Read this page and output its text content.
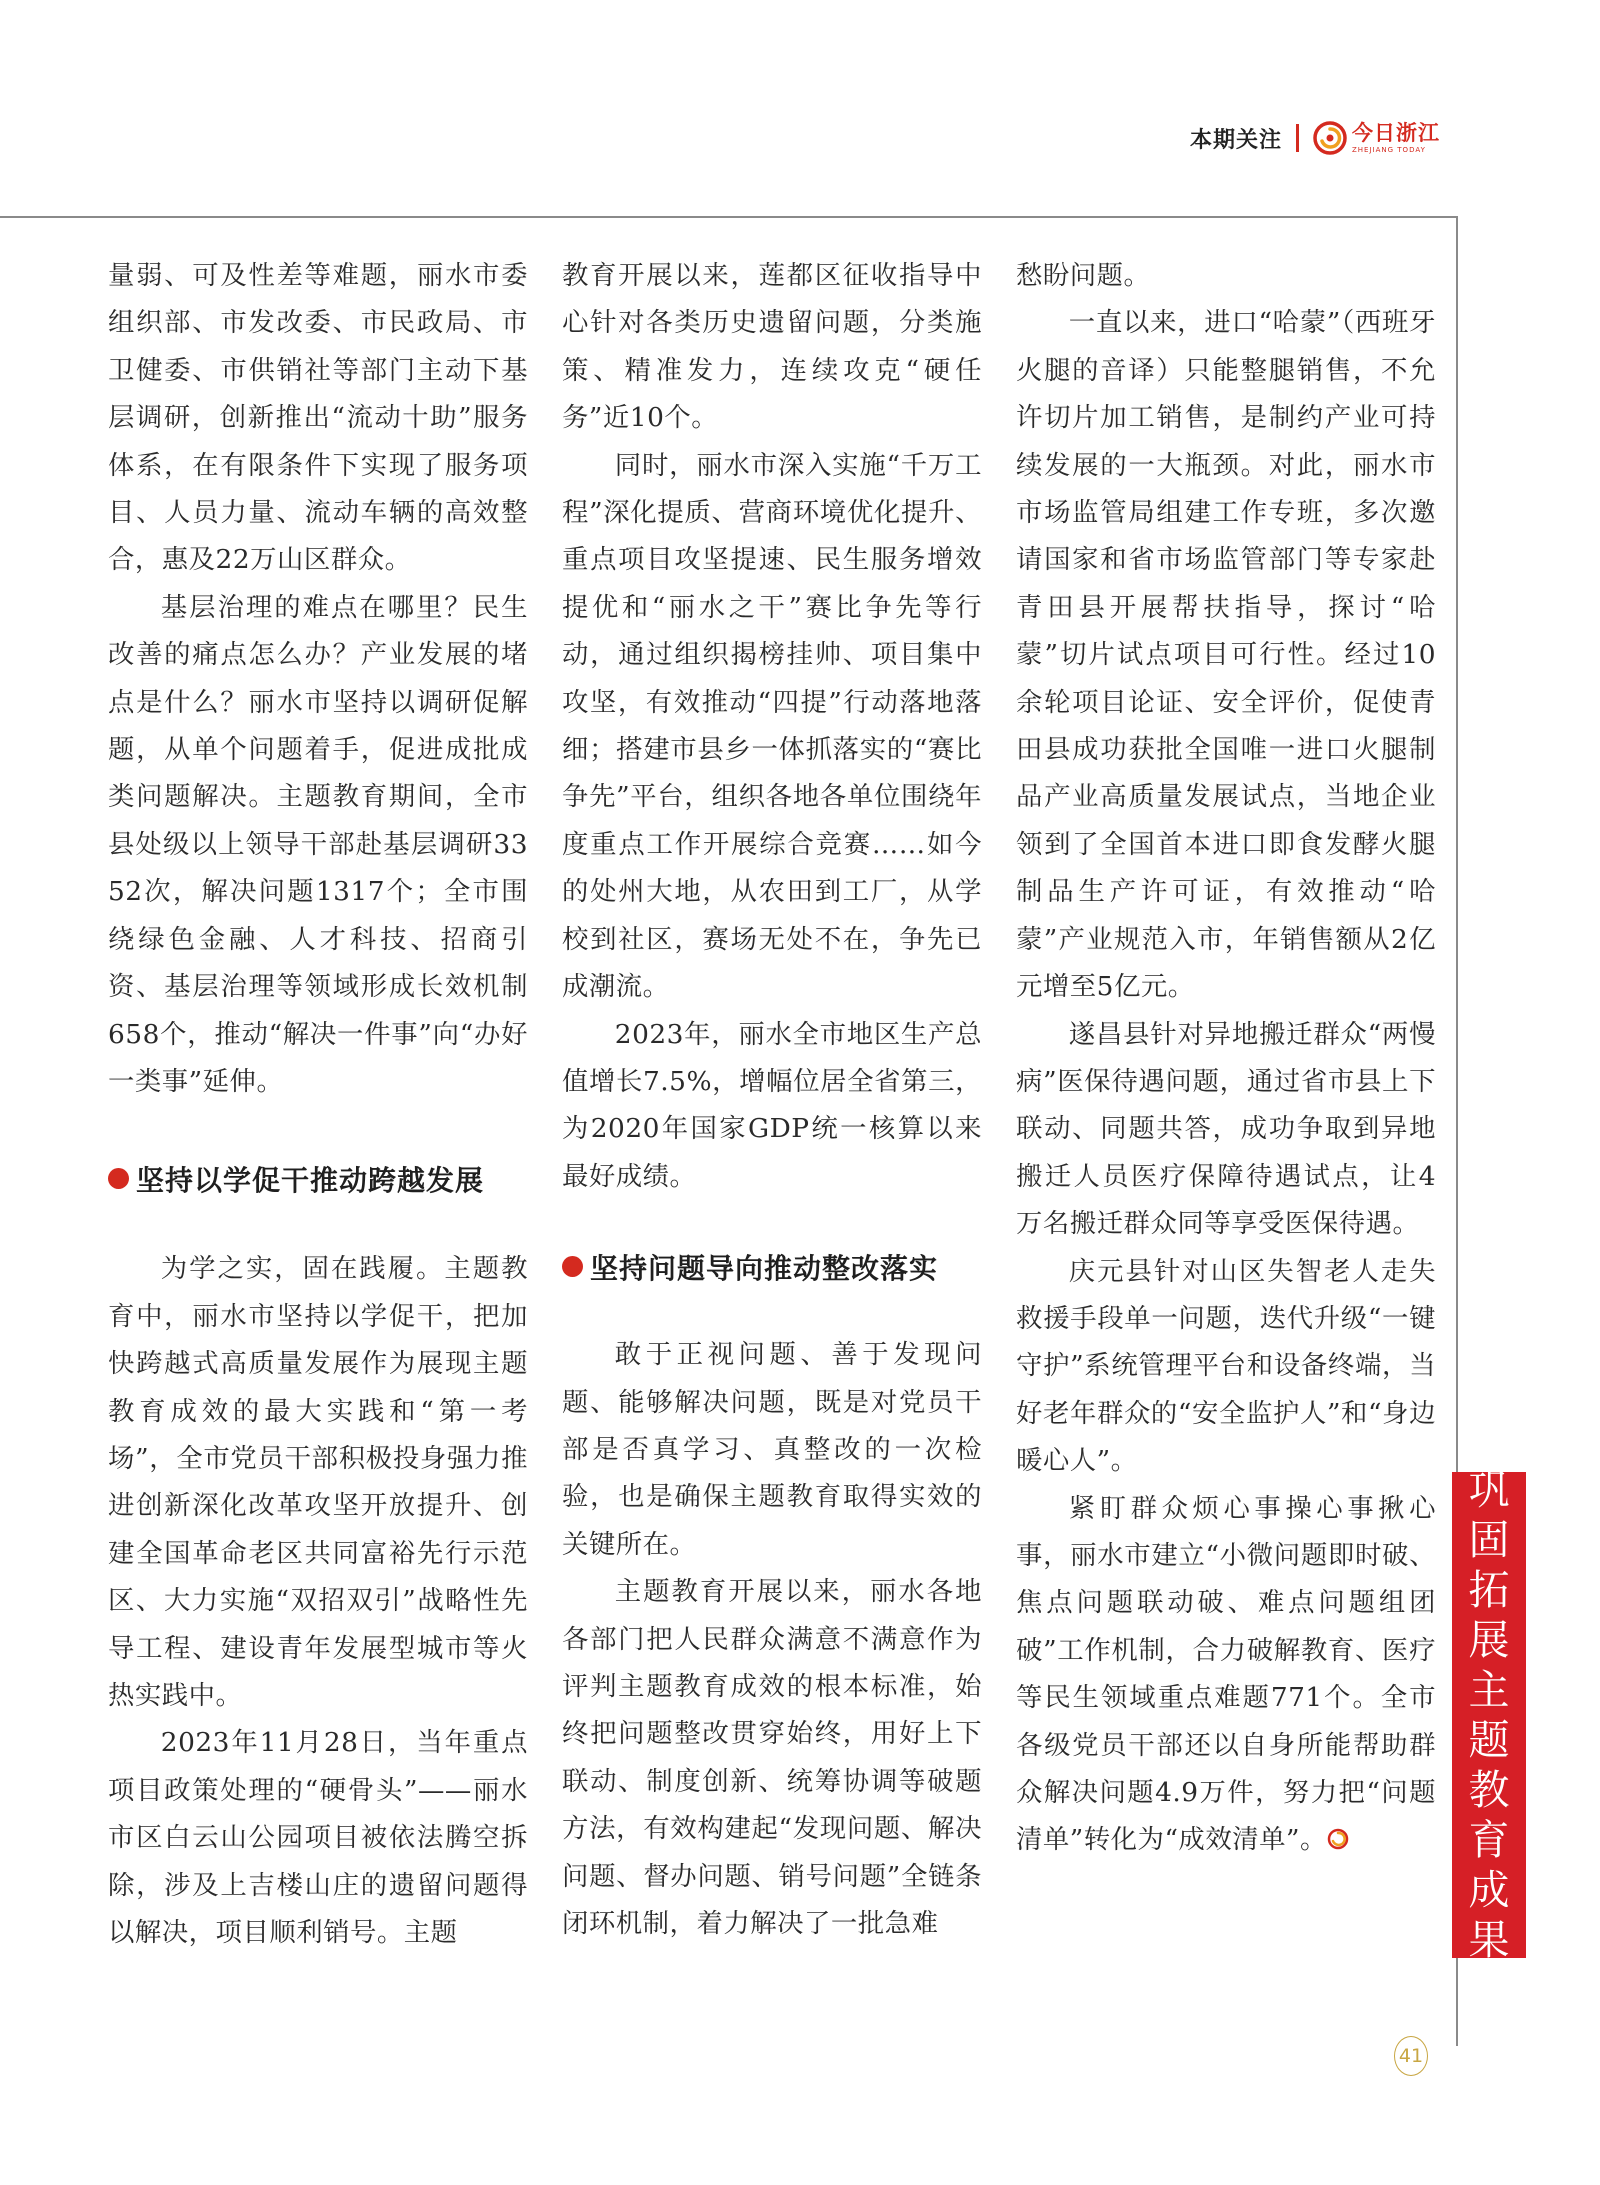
本期关注	今日浙江
ZHEJIANG TODAY

量弱、可及性差等难题，丽水市委组织部、市发改委、市民政局、市卫健委、市供销社等部门主动下基层调研，创新推出“流动十助”服务体系，在有限条件下实现了服务项目、人员力量、流动车辆的高效整合，惠及22万山区群众。

基层治理的难点在哪里？民生改善的痛点怎么办？产业发展的堵点是什么？丽水市坚持以调研促解题，从单个问题着手，促进成批成类问题解决。主题教育期间，全市县处级以上领导干部赴基层调研3352次，解决问题1317个；全市围绕绿色金融、人才科技、招商引资、基层治理等领域形成长效机制658个，推动“解决一件事”向“办好一类事”延伸。

坚持以学促干推动跨越发展

为学之实，固在践履。主题教育中，丽水市坚持以学促干，把加快跨越式高质量发展作为展现主题教育成效的最大实践和“第一考场”，全市党员干部积极投身强力推进创新深化改革攻坚开放提升、创建全国革命老区共同富裕先行示范区、大力实施“双招双引”战略性先导工程、建设青年发展型城市等火热实践中。

2023年11月28日，当年重点项目政策处理的“硬骨头”——丽水市区白云山公园项目被依法腾空拆除，涉及上吉楼山庄的遗留问题得以解决，项目顺利销号。主题

教育开展以来，莲都区征收指导中心针对各类历史遗留问题，分类施策、精准发力，连续攻克“硬任务”近10个。

同时，丽水市深入实施“千万工程”深化提质、营商环境优化提升、重点项目攻坚提速、民生服务增效提优和“丽水之干”赛比争先等行动，通过组织揭榜挂帅、项目集中攻坚，有效推动“四提”行动落地落细；搭建市县乡一体抓落实的“赛比争先”平台，组织各地各单位围绕年度重点工作开展综合竞赛……如今的处州大地，从农田到工厂，从学校到社区，赛场无处不在，争先已成潮流。

2023年，丽水全市地区生产总值增长7.5%，增幅位居全省第三，为2020年国家GDP统一核算以来最好成绩。

坚持问题导向推动整改落实

敢于正视问题、善于发现问题、能够解决问题，既是对党员干部是否真学习、真整改的一次检验，也是确保主题教育取得实效的关键所在。

主题教育开展以来，丽水各地各部门把人民群众满意不满意作为评判主题教育成效的根本标准，始终把问题整改贯穿始终，用好上下联动、制度创新、统筹协调等破题方法，有效构建起“发现问题、解决问题、督办问题、销号问题”全链条闭环机制，着力解决了一批急难

愁盼问题。

一直以来，进口“哈蒙”（西班牙火腿的音译）只能整腿销售，不允许切片加工销售，是制约产业可持续发展的一大瓶颈。对此，丽水市市场监管局组建工作专班，多次邀请国家和省市场监管部门等专家赴青田县开展帮扶指导，探讨“哈蒙”切片试点项目可行性。经过10余轮项目论证、安全评价，促使青田县成功获批全国唯一进口火腿制品产业高质量发展试点，当地企业领到了全国首本进口即食发酵火腿制品生产许可证，有效推动“哈蒙”产业规范入市，年销售额从2亿元增至5亿元。

遂昌县针对异地搬迁群众“两慢病”医保待遇问题，通过省市县上下联动、同题共答，成功争取到异地搬迁人员医疗保障待遇试点，让4万名搬迁群众同等享受医保待遇。

庆元县针对山区失智老人走失救援手段单一问题，迭代升级“一键守护”系统管理平台和设备终端，当好老年群众的“安全监护人”和“身边暖心人”。

紧盯群众烦心事操心事揪心事，丽水市建立“小微问题即时破、焦点问题联动破、难点问题组团破”工作机制，合力破解教育、医疗等民生领域重点难题771个。全市各级党员干部还以自身所能帮助群众解决问题4.9万件，努力把“问题清单”转化为“成效清单”。

巩
固
拓
展
主
题
教
育
成
果
41
